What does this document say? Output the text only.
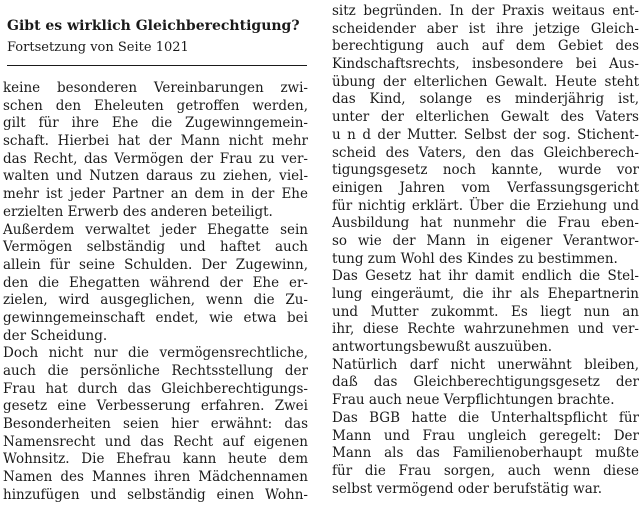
Gibt es wirklich Gleichberechtigung?
Fortsetzung von Seite 1021
keine besonderen Vereinbarungen zwi-
schen den Eheleuten getroffen werden,
gilt für ihre Ehe die Zugewinngemein-
schaft. Hierbei hat der Mann nicht mehr
das Recht, das Vermögen der Frau zu ver-
walten und Nutzen daraus zu ziehen, viel-
mehr ist jeder Partner an dem in der Ehe
erzielten Erwerb des anderen beteiligt.
Außerdem verwaltet jeder Ehegatte sein
Vermögen selbständig und haftet auch
allein für seine Schulden. Der Zugewinn,
den die Ehegatten während der Ehe er-
zielen, wird ausgeglichen, wenn die Zu-
gewinngemeinschaft endet, wie etwa bei
der Scheidung.
Doch nicht nur die vermögensrechtliche,
auch die persönliche Rechtsstellung der
Frau hat durch das Gleichberechtigungs-
gesetz eine Verbesserung erfahren. Zwei
Besonderheiten seien hier erwähnt: das
Namensrecht und das Recht auf eigenen
Wohnsitz. Die Ehefrau kann heute dem
Namen des Mannes ihren Mädchennamen
hinzufügen und selbständig einen Wohn-
sitz begründen. In der Praxis weitaus ent-
scheidender aber ist ihre jetzige Gleich-
berechtigung auch auf dem Gebiet des
Kindschaftsrechts, insbesondere bei Aus-
übung der elterlichen Gewalt. Heute steht
das Kind, solange es minderjährig ist,
unter der elterlichen Gewalt des Vaters
u n d der Mutter. Selbst der sog. Stichent-
scheid des Vaters, den das Gleichberech-
tigungsgesetz noch kannte, wurde vor
einigen Jahren vom Verfassungsgericht
für nichtig erklärt. Über die Erziehung und
Ausbildung hat nunmehr die Frau eben-
so wie der Mann in eigener Verantwor-
tung zum Wohl des Kindes zu bestimmen.
Das Gesetz hat ihr damit endlich die Stel-
lung eingeräumt, die ihr als Ehepartnerin
und Mutter zukommt. Es liegt nun an
ihr, diese Rechte wahrzunehmen und ver-
antwortungsbewußt auszuüben.
Natürlich darf nicht unerwähnt bleiben,
daß das Gleichberechtigungsgesetz der
Frau auch neue Verpflichtungen brachte.
Das BGB hatte die Unterhaltspflicht für
Mann und Frau ungleich geregelt: Der
Mann als das Familienoberhaupt mußte
für die Frau sorgen, auch wenn diese
selbst vermögend oder berufstätig war.
